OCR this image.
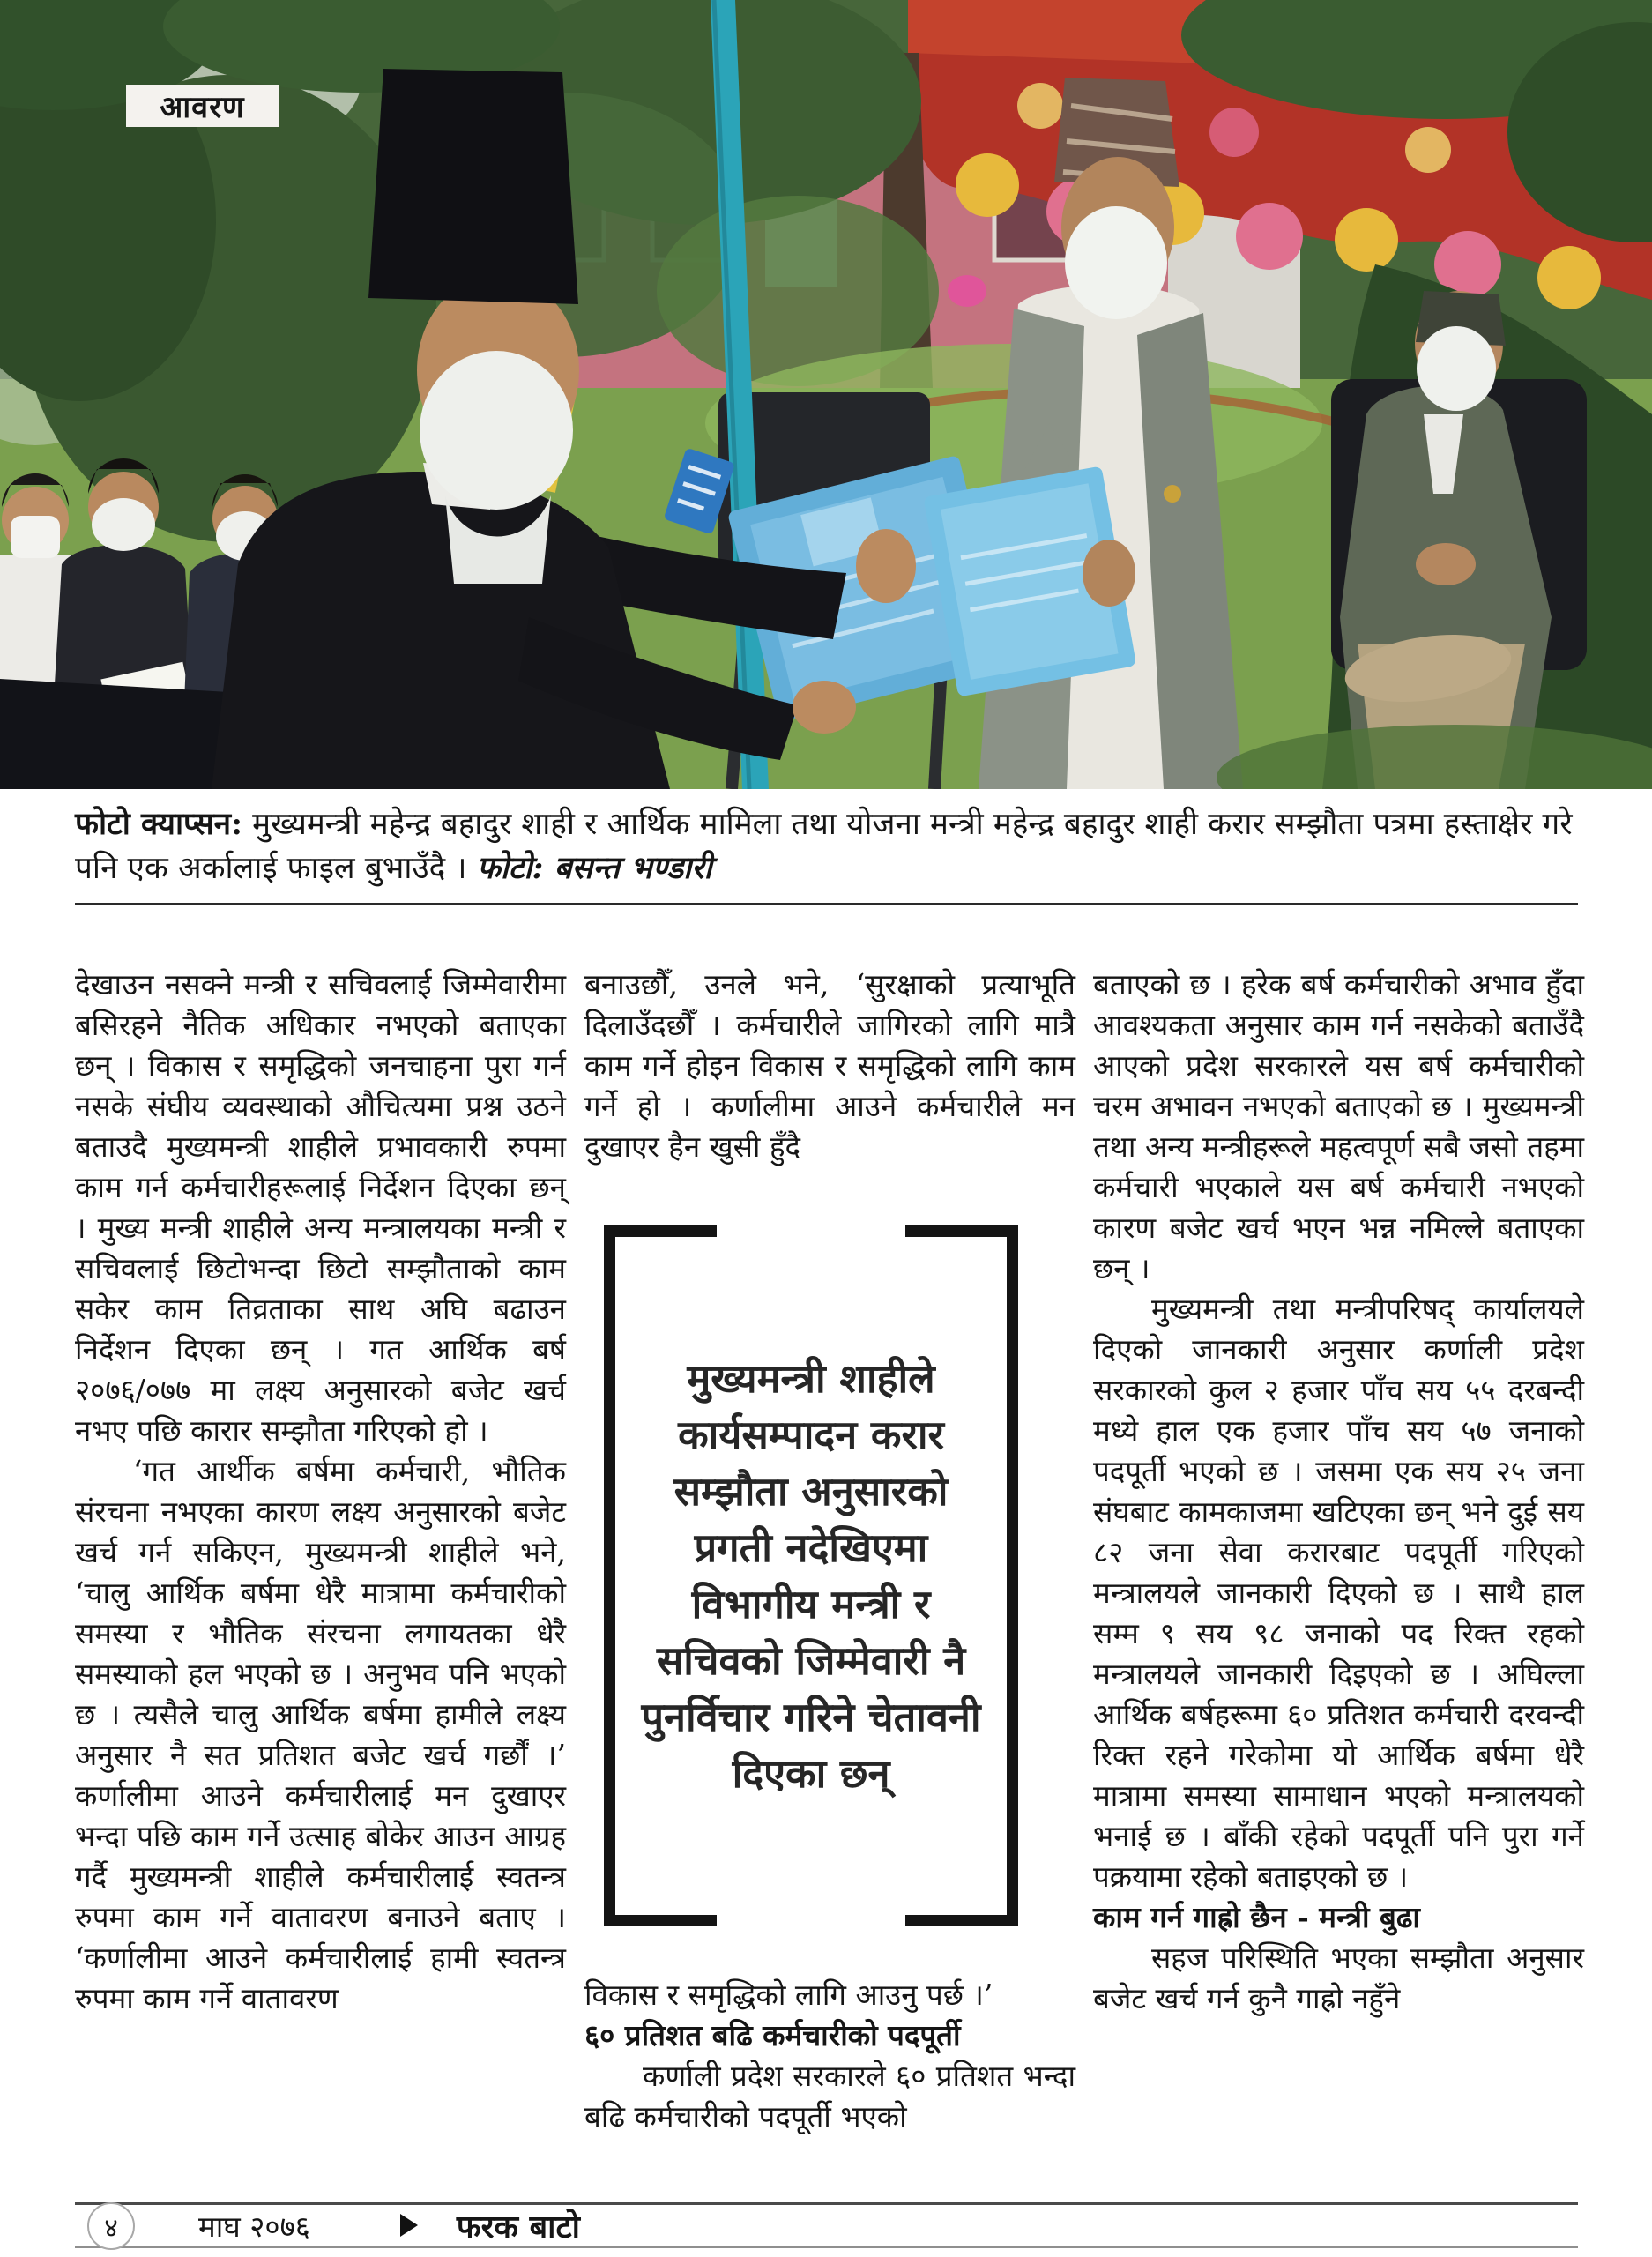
आवरण
फोटो क्याप्सन: मुख्यमन्त्री महेन्द्र बहादुर शाही र आर्थिक मामिला तथा योजना मन्त्री महेन्द्र बहादुर शाही करार सम्झौता पत्रमा हस्ताक्षेर गरे पनि एक अर्कालाई फाइल बुभाउँदै । फोटो: बसन्त भण्डारी

देखाउन नसक्ने मन्त्री र सचिवलाई जिम्मेवारीमा बसिरहने नैतिक अधिकार नभएको बताएका छन् । विकास र समृद्धिको जनचाहना पुरा गर्न नसके संघीय व्यवस्थाको औचित्यमा प्रश्न उठने बताउदै मुख्यमन्त्री शाहीले प्रभावकारी रुपमा काम गर्न कर्मचारीहरूलाई निर्देशन दिएका छन् । मुख्य मन्त्री शाहीले अन्य मन्त्रालयका मन्त्री र सचिवलाई छिटोभन्दा छिटो सम्झौताको काम सकेर काम तिव्रताका साथ अघि बढाउन निर्देशन दिएका छन् । गत आर्थिक बर्ष २०७६/०७७ मा लक्ष्य अनुसारको बजेट खर्च नभए पछि कारार सम्झौता गरिएको हो ।

‘गत आर्थीक बर्षमा कर्मचारी, भौतिक संरचना नभएका कारण लक्ष्य अनुसारको बजेट खर्च गर्न सकिएन, मुख्यमन्त्री शाहीले भने, ‘चालु आर्थिक बर्षमा धेरै मात्रामा कर्मचारीको समस्या र भौतिक संरचना लगायतका धेरै समस्याको हल भएको छ । अनुभव पनि भएको छ । त्यसैले चालु आर्थिक बर्षमा हामीले लक्ष्य अनुसार नै सत प्रतिशत बजेट खर्च गर्छौं ।’ कर्णालीमा आउने कर्मचारीलाई मन दुखाएर भन्दा पछि काम गर्ने उत्साह बोकेर आउन आग्रह गर्दै मुख्यमन्त्री शाहीले कर्मचारीलाई स्वतन्त्र रुपमा काम गर्ने वातावरण बनाउने बताए । ‘कर्णालीमा आउने कर्मचारीलाई हामी स्वतन्त्र रुपमा काम गर्ने वातावरण

बनाउछौँ, उनले भने, ‘सुरक्षाको प्रत्याभूति दिलाउँदछौँ । कर्मचारीले जागिरको लागि मात्रै काम गर्ने होइन विकास र समृद्धिको लागि काम गर्ने हो । कर्णालीमा आउने कर्मचारीले मन दुखाएर हैन खुसी हुँदै

मुख्यमन्त्री शाहीले कार्यसम्पादन करार सम्झौता अनुसारको प्रगती नदेखिएमा विभागीय मन्त्री र सचिवको जिम्मेवारी नै पुनर्विचार गरिने चेतावनी दिएका छन्

विकास र समृद्धिको लागि आउनु पर्छ ।’

६० प्रतिशत बढि कर्मचारीको पदपूर्ती

कर्णाली प्रदेश सरकारले ६० प्रतिशत भन्दा बढि कर्मचारीको पदपूर्ती भएको

बताएको छ । हरेक बर्ष कर्मचारीको अभाव हुँदा आवश्यकता अनुसार काम गर्न नसकेको बताउँदै आएको प्रदेश सरकारले यस बर्ष कर्मचारीको चरम अभावन नभएको बताएको छ । मुख्यमन्त्री तथा अन्य मन्त्रीहरूले महत्वपूर्ण सबै जसो तहमा कर्मचारी भएकाले यस बर्ष कर्मचारी नभएको कारण बजेट खर्च भएन भन्न नमिल्ले बताएका छन् ।

मुख्यमन्त्री तथा मन्त्रीपरिषद् कार्यालयले दिएको जानकारी अनुसार कर्णाली प्रदेश सरकारको कुल २ हजार पाँच सय ५५ दरबन्दी मध्ये हाल एक हजार पाँच सय ५७ जनाको पदपूर्ती भएको छ । जसमा एक सय २५ जना संघबाट कामकाजमा खटिएका छन् भने दुई सय ८२ जना सेवा करारबाट पदपूर्ती गरिएको मन्त्रालयले जानकारी दिएको छ । साथै हाल सम्म ९ सय ९८ जनाको पद रिक्त रहको मन्त्रालयले जानकारी दिइएको छ । अघिल्ला आर्थिक बर्षहरूमा ६० प्रतिशत कर्मचारी दरवन्दी रिक्त रहने गरेकोमा यो आर्थिक बर्षमा धेरै मात्रामा समस्या सामाधान भएको मन्त्रालयको भनाई छ । बाँकी रहेको पदपूर्ती पनि पुरा गर्ने पक्रयामा रहेको बताइएको छ ।

काम गर्न गाह्रो छैन - मन्त्री बुढा

सहज परिस्थिति भएका सम्झौता अनुसार बजेट खर्च गर्न कुनै गाह्रो नहुँने

४	माघ २०७६	फरक बाटो
